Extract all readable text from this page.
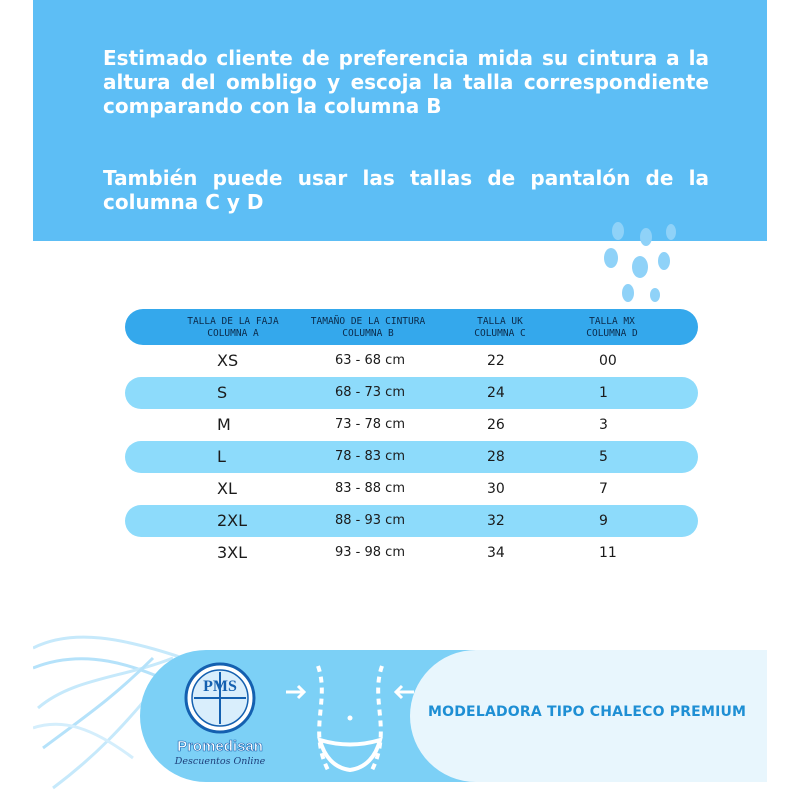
Estimado cliente de preferencia mida su cintura a la altura del ombligo y escoja la talla correspondiente comparando con la columna B

También puede usar las tallas de pantalón de la columna C y D

TALLA DE LA FAJA
COLUMNA A
TAMAÑO DE LA CINTURA
COLUMNA B
TALLA UK
COLUMNA C
TALLA MX
COLUMNA D
XS	63 - 68 cm	22	00
S	68 - 73 cm	24	1
M	73 - 78 cm	26	3
L	78 - 83 cm	28	5
XL	83 - 88 cm	30	7
2XL	88 - 93 cm	32	9
3XL	93 - 98 cm	34	11
MODELADORA TIPO CHALECO PREMIUM
PMS
Promedisan
Descuentos Online
